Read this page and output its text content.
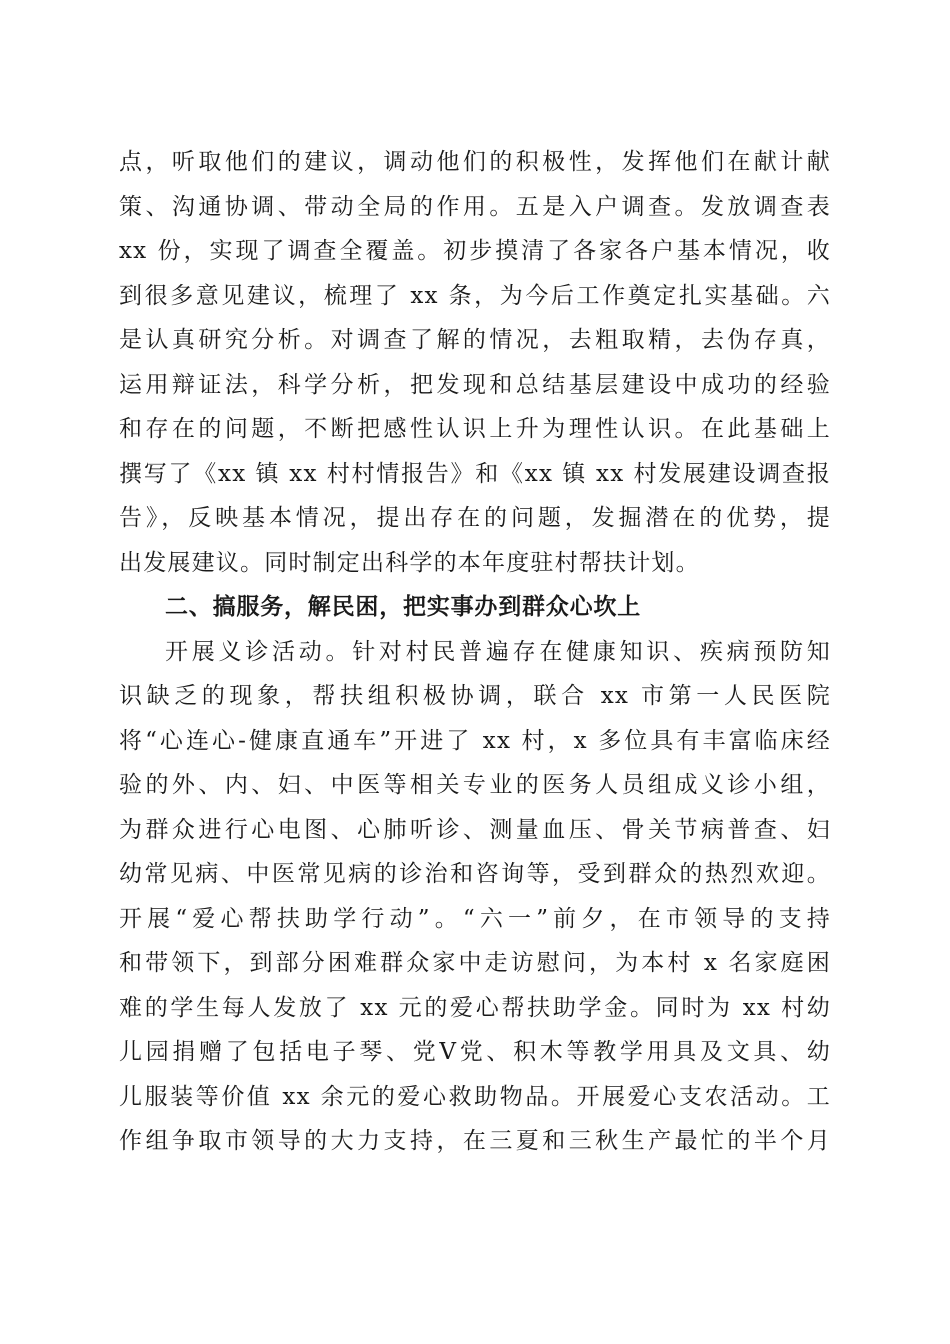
点，听取他们的建议，调动他们的积极性，发挥他们在献计献
策、沟通协调、带动全局的作用。五是入户调查。发放调查表
xx 份，实现了调查全覆盖。初步摸清了各家各户基本情况，收
到很多意见建议，梳理了 xx 条，为今后工作奠定扎实基础。六
是认真研究分析。对调查了解的情况，去粗取精，去伪存真，
运用辩证法，科学分析，把发现和总结基层建设中成功的经验
和存在的问题，不断把感性认识上升为理性认识。在此基础上
撰写了《xx 镇 xx 村村情报告》和《xx 镇 xx 村发展建设调查报
告》，反映基本情况，提出存在的问题，发掘潜在的优势，提
出发展建议。同时制定出科学的本年度驻村帮扶计划。
二、搞服务，解民困，把实事办到群众心坎上
开展义诊活动。针对村民普遍存在健康知识、疾病预防知
识缺乏的现象，帮扶组积极协调，联合 xx 市第一人民医院
将“心连心-健康直通车”开进了 xx 村，x 多位具有丰富临床经
验的外、内、妇、中医等相关专业的医务人员组成义诊小组，
为群众进行心电图、心肺听诊、测量血压、骨关节病普查、妇
幼常见病、中医常见病的诊治和咨询等，受到群众的热烈欢迎。
开展“爱心帮扶助学行动”。“六一”前夕，在市领导的支持
和带领下，到部分困难群众家中走访慰问，为本村 x 名家庭困
难的学生每人发放了 xx 元的爱心帮扶助学金。同时为 xx 村幼
儿园捐赠了包括电子琴、党Ⅴ党、积木等教学用具及文具、幼
儿服装等价值 xx 余元的爱心救助物品。开展爱心支农活动。工
作组争取市领导的大力支持，在三夏和三秋生产最忙的半个月
